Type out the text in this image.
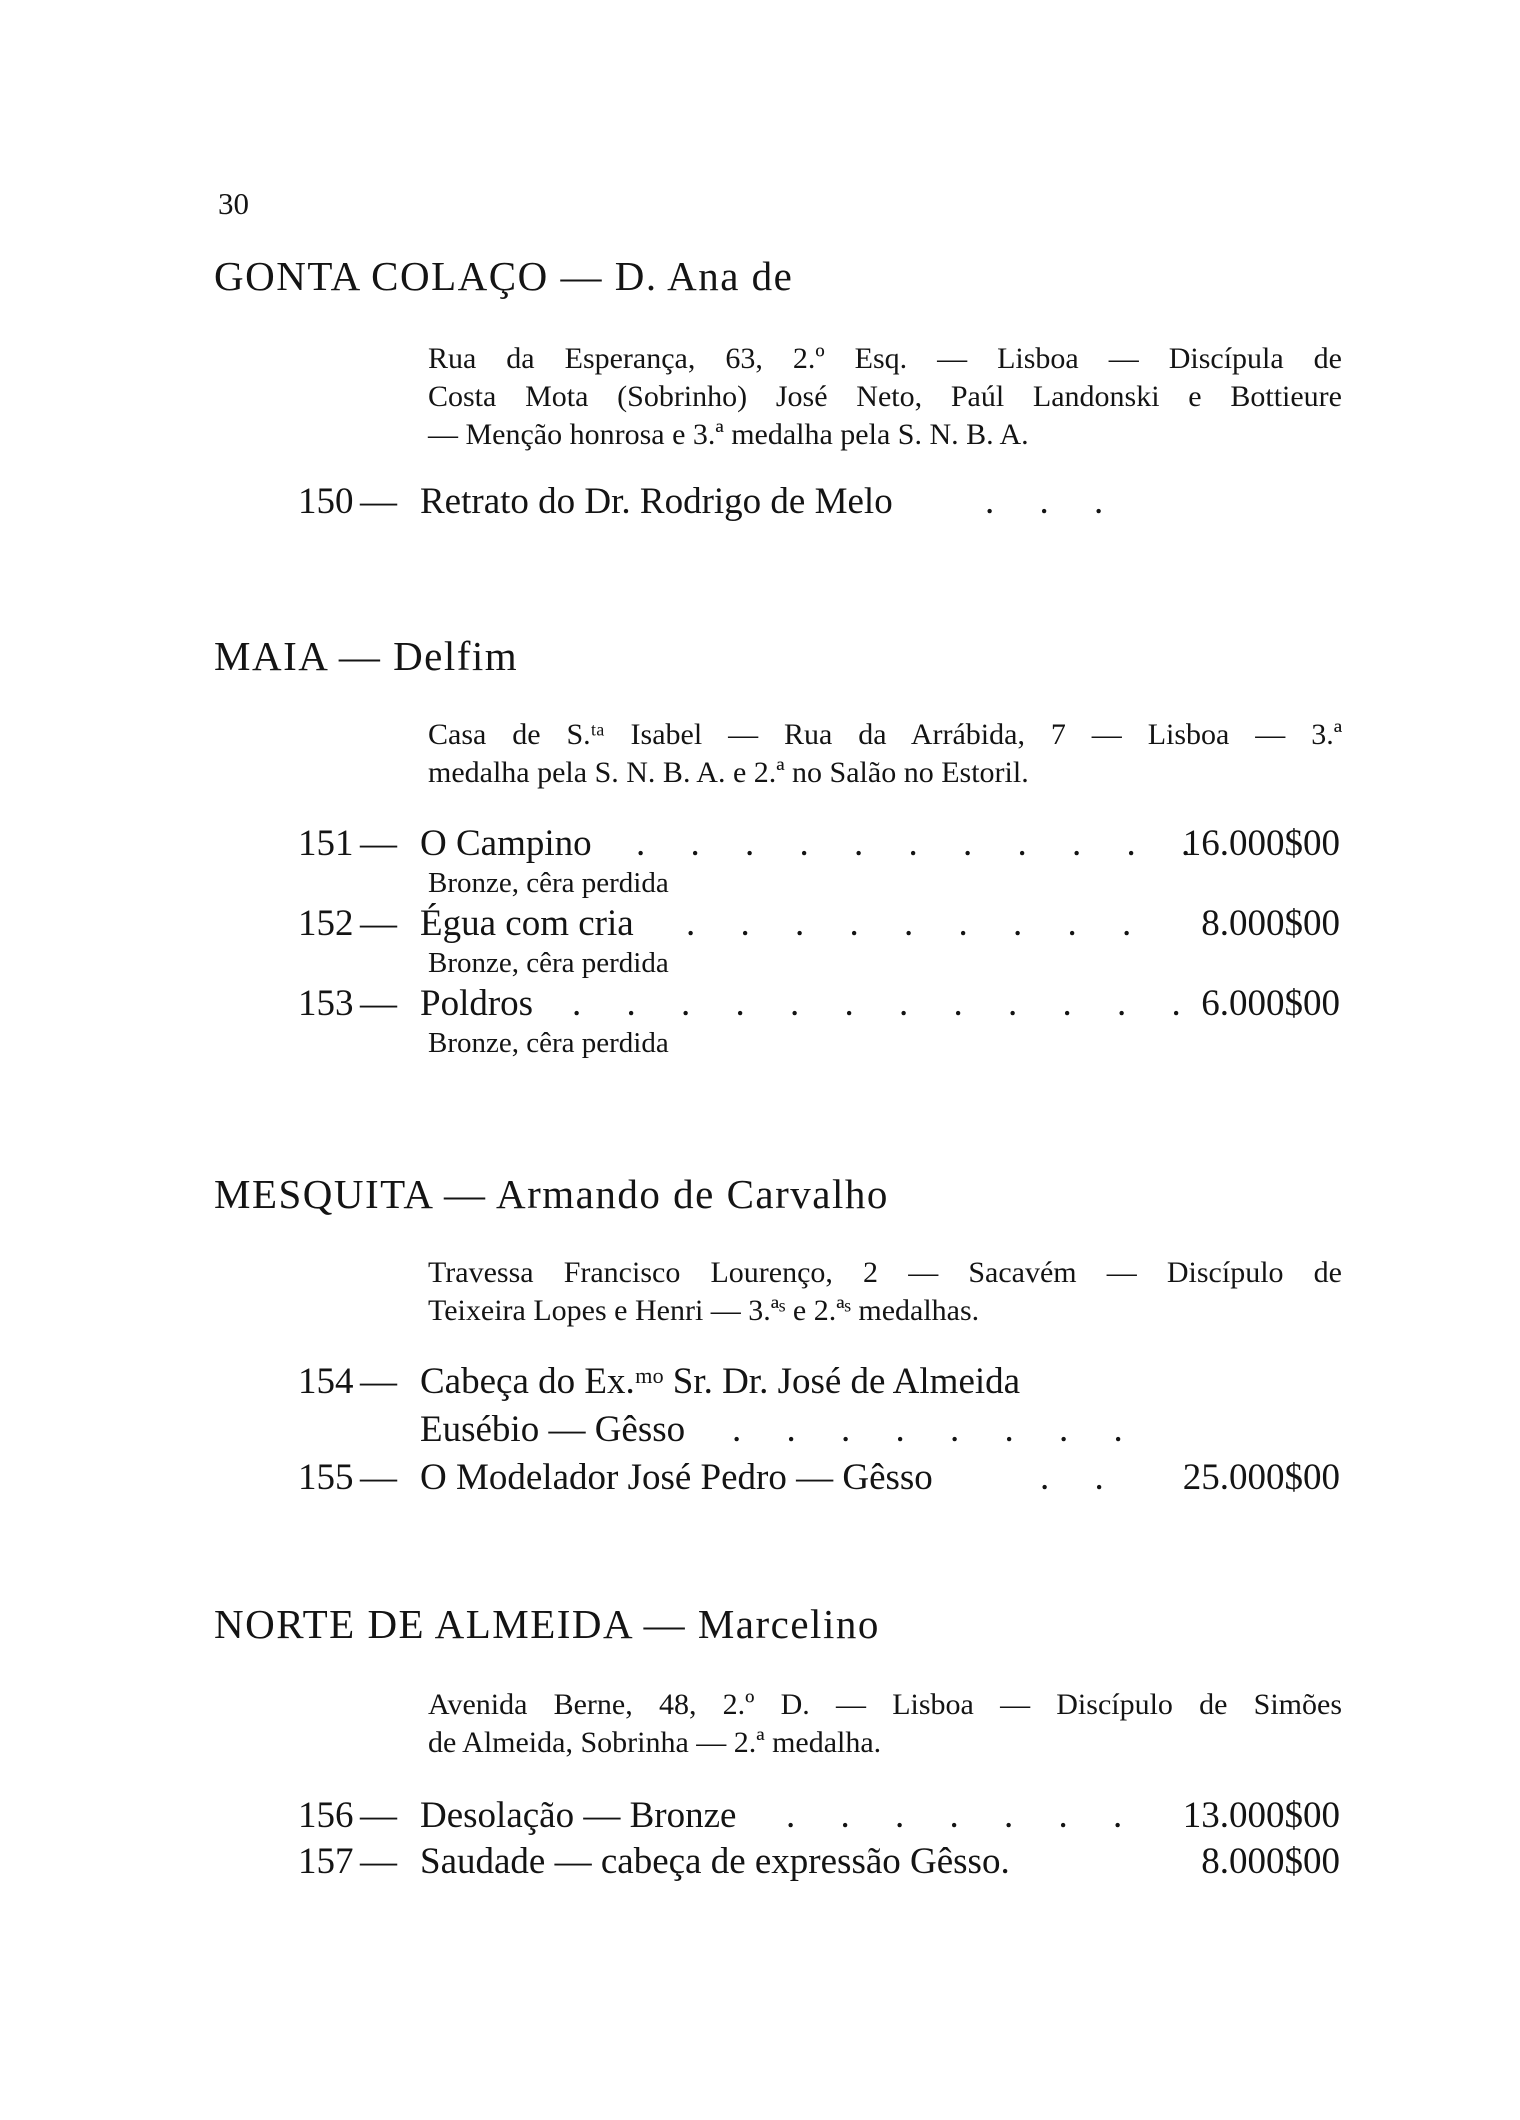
30
GONTA COLAÇO — D. Ana de
Rua da Esperança, 63, 2.º Esq. — Lisboa — Discípula de
Costa Mota (Sobrinho) José Neto, Paúl Landonski e Bottieure
— Menção honrosa e 3.ª medalha pela S. N. B. A.
150 — Retrato do Dr. Rodrigo de Melo . . .
MAIA — Delfim
Casa de S.ᵗᵃ Isabel — Rua da Arrábida, 7 — Lisboa — 3.ª
medalha pela S. N. B. A. e 2.ª no Salão no Estoril.
151 — O Campino . . . . . . . . . . .
16.000$00
Bronze, cêra perdida
152 — Égua com cria . . . . . . . . . 8.000$00
Bronze, cêra perdida
153 — Poldros . . . . . . . . . . . . 6.000$00
Bronze, cêra perdida
MESQUITA — Armando de Carvalho
Travessa Francisco Lourenço, 2 — Sacavém — Discípulo de
Teixeira Lopes e Henri — 3.ªˢ e 2.ªˢ medalhas.
154 — Cabeça do Ex.ᵐᵒ Sr. Dr. José de Almeida
Eusébio — Gêsso . . . . . . . .
155 — O Modelador José Pedro — Gêsso	. . 25.000$00
NORTE DE ALMEIDA — Marcelino
Avenida Berne, 48, 2.º D. — Lisboa — Discípulo de Simões
de Almeida, Sobrinha — 2.ª medalha.
156 — Desolação — Bronze . . . . . . . 13.000$00
157 — Saudade — cabeça de expressão Gêsso.	8.000$00
